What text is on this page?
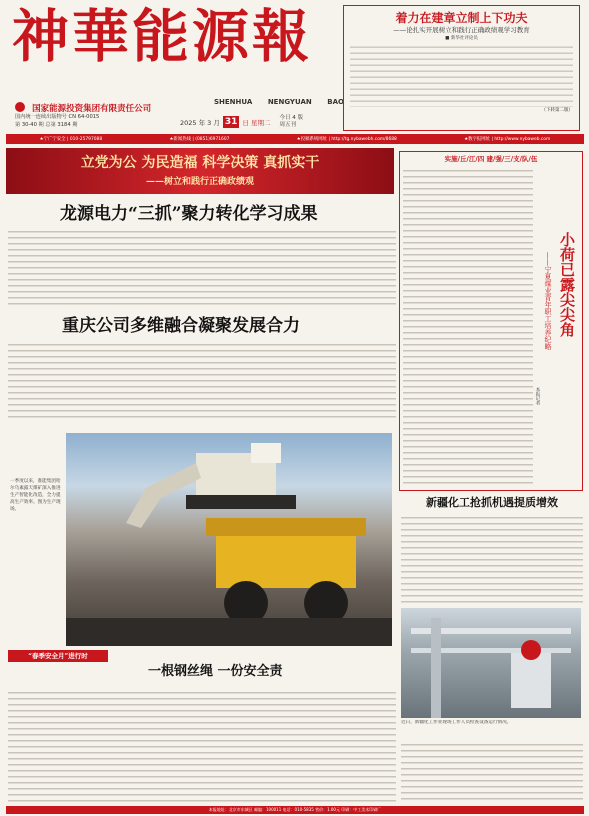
神華能源報
国家能源投资集团有限责任公司
SHENHUA NENGYUAN BAO
国内统一连续出版物号 CN 64-0015
第 30-40 期 总第 3184 期	2025 年 3 月 31 日 星期二
今日 4 版
周五刊
着力在建章立制上下功夫
——论扎实开展树立和践行正确政绩观学习教育
■ 新华社评论员
（下转第二版）
★宁广宁安全 | 010-25797088	★新闻热线 | (0851)6971607	★投稿系统网址 | http://tg.nybawebh.com/8688	★数字报网址 | http://www.nybaweb.com
立党为公 为民造福 科学决策 真抓实干
——树立和践行正确政绩观
龙源电力“三抓”聚力转化学习成果
重庆公司多维融合凝聚发展合力
一季度以来，准能集团哈尔乌素露天煤矿深入推进生产智能化改造，全力提高生产效率。图为生产现场。
“春季安全月”进行时
一根钢丝绳 一份安全责
实施/丘/江/四 建/强/三/支/队/伍
小荷已露尖尖角
——宁夏煤业青年职工培养纪略
本报记者
新疆化工抢抓机遇提质增效
近日，新疆化工作业现场工作人员检查设备运行情况。
本报地址：北京市东城区 邮编：100011 电话：010-5835 售价：1.00元 印刷：中工美术印刷厂
